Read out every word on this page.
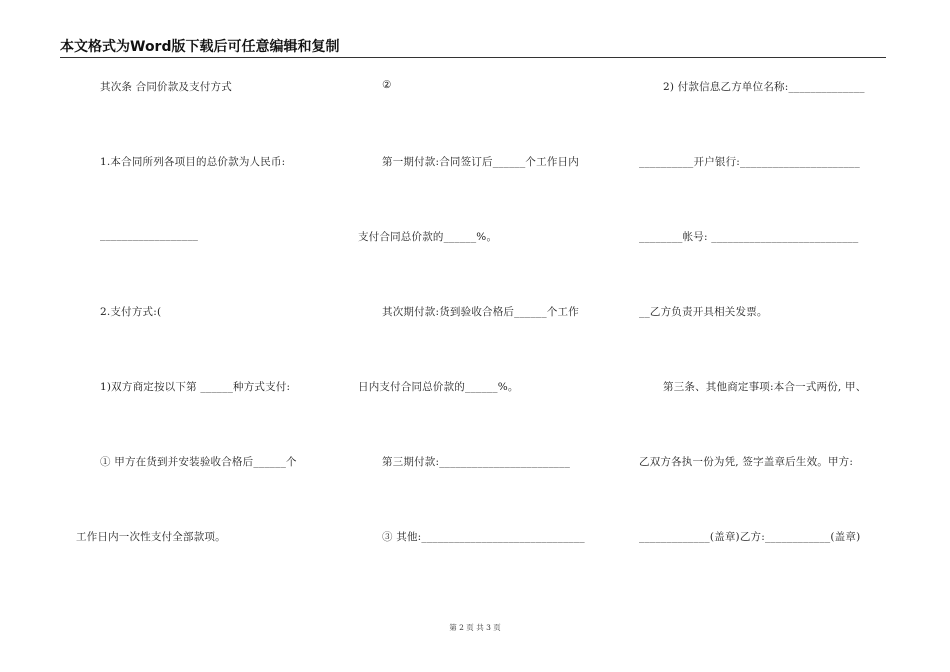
本文格式为Word版下载后可任意编辑和复制
其次条 合同价款及支付方式
1.本合同所列各项目的总价款为人民币:
__________________
2.支付方式:(
1)双方商定按以下第 ______种方式支付:
① 甲方在货到并安装验收合格后______个
工作日内一次性支付全部款项。
②
第一期付款:合同签订后______个工作日内
支付合同总价款的______%。
其次期付款:货到验收合格后______个工作
日内支付合同总价款的______%。
第三期付款:________________________
③ 其他:______________________________
2) 付款信息乙方单位名称:______________
__________开户银行:______________________
________帐号: ___________________________
__乙方负责开具相关发票。
第三条、其他商定事项:本合一式两份, 甲、
乙双方各执一份为凭, 签字盖章后生效。甲方:
_____________(盖章)乙方:____________(盖章)
第 2 页 共 3 页
